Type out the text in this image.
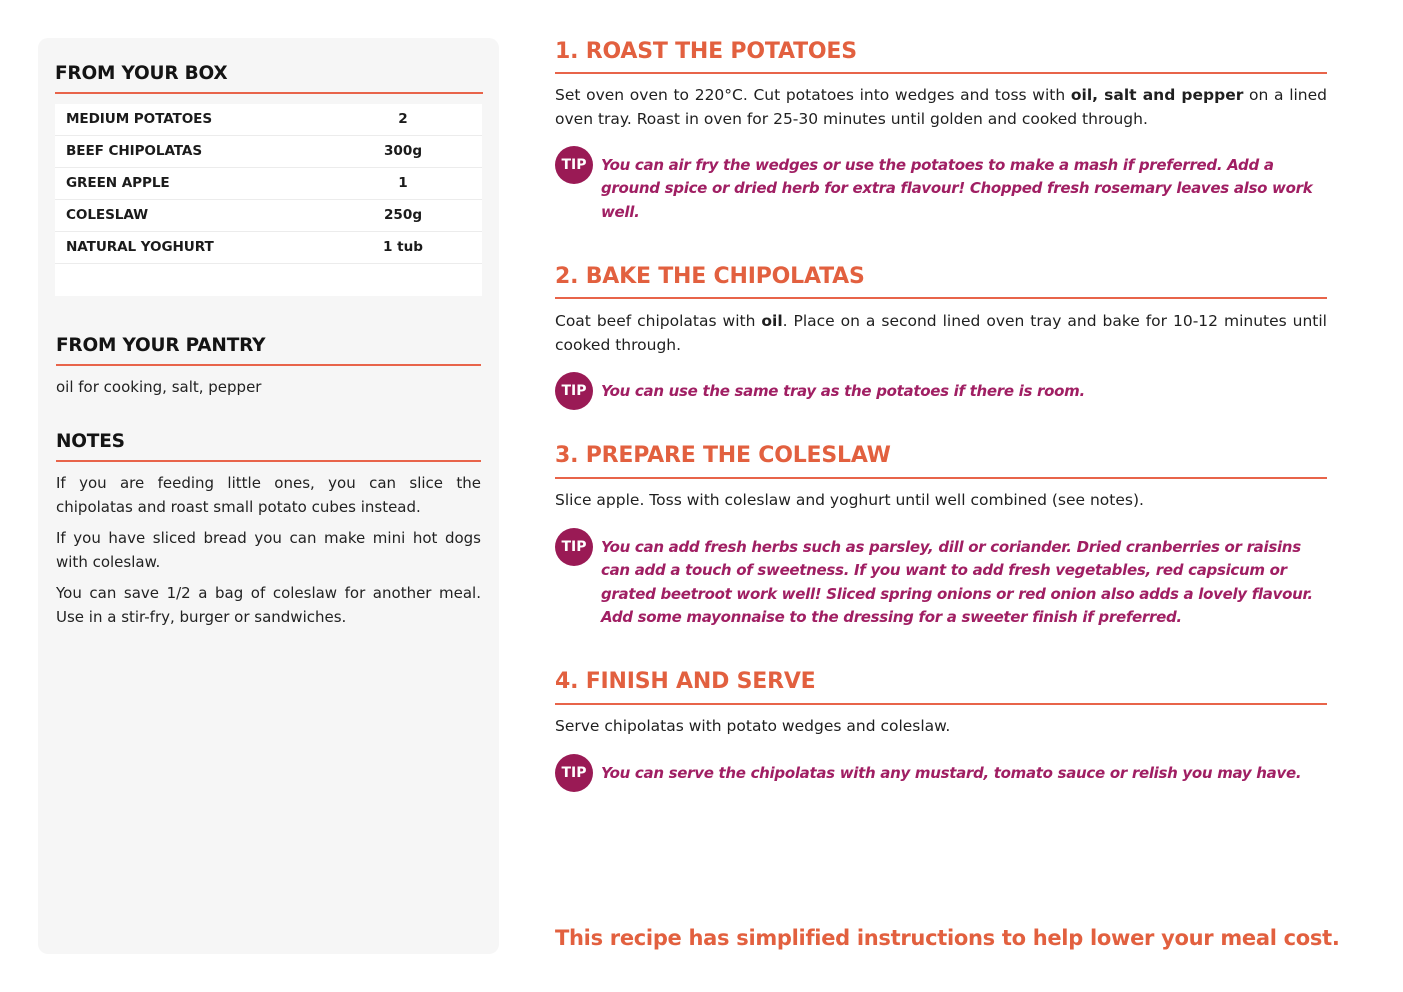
FROM YOUR BOX
MEDIUM POTATOES	2
BEEF CHIPOLATAS	300g
GREEN APPLE	1
COLESLAW	250g
NATURAL YOGHURT	1 tub
FROM YOUR PANTRY
oil for cooking, salt, pepper
NOTES

If you are feeding little ones, you can slice the chipolatas and roast small potato cubes instead.

If you have sliced bread you can make mini hot dogs with coleslaw.

You can save 1/2 a bag of coleslaw for another meal. Use in a stir-fry, burger or sandwiches.

1. ROAST THE POTATOES

Set oven oven to 220°C. Cut potatoes into wedges and toss with oil, salt and pepper on a lined oven tray. Roast in oven for 25-30 minutes until golden and cooked through.

TIP You can air fry the wedges or use the potatoes to make a mash if preferred. Add a ground spice or dried herb for extra flavour! Chopped fresh rosemary leaves also work well.

2. BAKE THE CHIPOLATAS

Coat beef chipolatas with oil. Place on a second lined oven tray and bake for 10-12 minutes until cooked through.

TIP You can use the same tray as the potatoes if there is room.

3. PREPARE THE COLESLAW

Slice apple. Toss with coleslaw and yoghurt until well combined (see notes).

TIP You can add fresh herbs such as parsley, dill or coriander. Dried cranberries or raisins can add a touch of sweetness. If you want to add fresh vegetables, red capsicum or grated beetroot work well! Sliced spring onions or red onion also adds a lovely flavour. Add some mayonnaise to the dressing for a sweeter finish if preferred.

4. FINISH AND SERVE

Serve chipolatas with potato wedges and coleslaw.

TIP You can serve the chipolatas with any mustard, tomato sauce or relish you may have.

This recipe has simplified instructions to help lower your meal cost.
